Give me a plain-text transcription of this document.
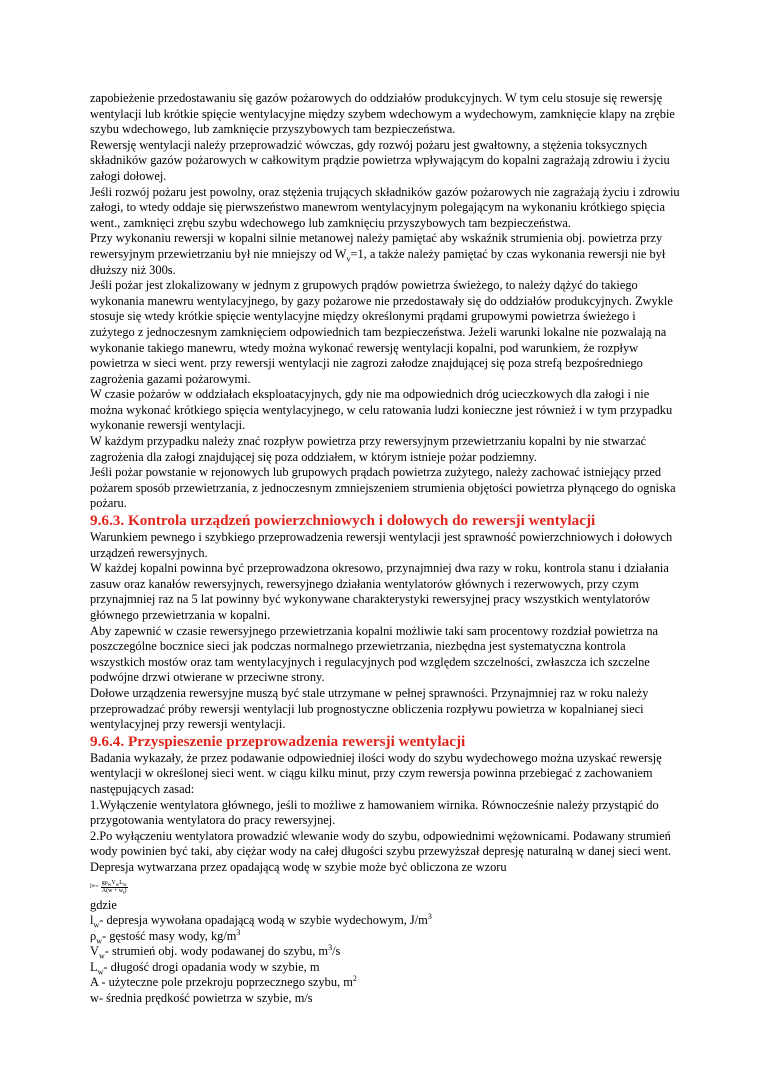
zapobieżenie przedostawaniu się gazów pożarowych do oddziałów produkcyjnych. W tym celu stosuje się rewersję wentylacji lub krótkie spięcie wentylacyjne między szybem wdechowym a wydechowym, zamknięcie klapy na zrębie szybu wdechowego, lub zamknięcie przyszybowych tam bezpieczeństwa.

Rewersję wentylacji należy przeprowadzić wówczas, gdy rozwój pożaru jest gwałtowny, a stężenia toksycznych składników gazów pożarowych w całkowitym prądzie powietrza wpływającym do kopalni zagrażają zdrowiu i życiu załogi dołowej.

Jeśli rozwój pożaru jest powolny, oraz stężenia trujących składników gazów pożarowych nie zagrażają życiu i zdrowiu załogi, to wtedy oddaje się pierwszeństwo manewrom wentylacyjnym polegającym na wykonaniu krótkiego spięcia went., zamknięci zrębu szybu wdechowego lub zamknięciu przyszybowych tam bezpieczeństwa.

Przy wykonaniu rewersji w kopalni silnie metanowej należy pamiętać aby wskaźnik strumienia obj. powietrza przy rewersyjnym przewietrzaniu był nie mniejszy od $W_v=1$, a także należy pamiętać by czas wykonania rewersji nie był dłuższy niż 300s.

Jeśli pożar jest zlokalizowany w jednym z grupowych prądów powietrza świeżego, to należy dążyć do takiego wykonania manewru wentylacyjnego, by gazy pożarowe nie przedostawały się do oddziałów produkcyjnych. Zwykle stosuje się wtedy krótkie spięcie wentylacyjne między określonymi prądami grupowymi powietrza świeżego i zużytego z jednoczesnym zamknięciem odpowiednich tam bezpieczeństwa. Jeżeli warunki lokalne nie pozwalają na wykonanie takiego manewru, wtedy można wykonać rewersję wentylacji kopalni, pod warunkiem, że rozpływ powietrza w sieci went. przy rewersji wentylacji nie zagrozi załodze znajdującej się poza strefą bezpośredniego zagrożenia gazami pożarowymi.

W czasie pożarów w oddziałach eksploatacyjnych, gdy nie ma odpowiednich dróg ucieczkowych dla załogi i nie można wykonać krótkiego spięcia wentylacyjnego, w celu ratowania ludzi konieczne jest również i w tym przypadku wykonanie rewersji wentylacji.

W każdym przypadku należy znać rozpływ powietrza przy rewersyjnym przewietrzaniu kopalni by nie stwarzać zagrożenia dla załogi znajdującej się poza oddziałem, w którym istnieje pożar podziemny.

Jeśli pożar powstanie w rejonowych lub grupowych prądach powietrza zużytego, należy zachować istniejący przed pożarem sposób przewietrzania, z jednoczesnym zmniejszeniem strumienia objętości powietrza płynącego do ogniska pożaru.

9.6.3. Kontrola urządzeń powierzchniowych i dołowych do rewersji wentylacji

Warunkiem pewnego i szybkiego przeprowadzenia rewersji wentylacji jest sprawność powierzchniowych i dołowych urządzeń rewersyjnych.

W każdej kopalni powinna być przeprowadzona okresowo, przynajmniej dwa razy w roku, kontrola stanu i działania zasuw oraz kanałów rewersyjnych, rewersyjnego działania wentylatorów głównych i rezerwowych, przy czym przynajmniej raz na 5 lat powinny być wykonywane charakterystyki rewersyjnej pracy wszystkich wentylatorów głównego przewietrzania w kopalni.

Aby zapewnić w czasie rewersyjnego przewietrzania kopalni możliwie taki sam procentowy rozdział powietrza na poszczególne bocznice sieci jak podczas normalnego przewietrzania, niezbędna jest systematyczna kontrola wszystkich mostów oraz tam wentylacyjnych i regulacyjnych pod względem szczelności, zwłaszcza ich szczelne podwójne drzwi otwierane w przeciwne strony.

Dołowe urządzenia rewersyjne muszą być stale utrzymane w pełnej sprawności. Przynajmniej raz w roku należy przeprowadzać próby rewersji wentylacji lub prognostyczne obliczenia rozpływu powietrza w kopalnianej sieci wentylacyjnej przy rewersji wentylacji.

9.6.4. Przyspieszenie przeprowadzenia rewersji wentylacji

Badania wykazały, że przez podawanie odpowiedniej ilości wody do szybu wydechowego można uzyskać rewersję wentylacji w określonej sieci went. w ciągu kilku minut, przy czym rewersja powinna przebiegać z zachowaniem następujących zasad:

1.Wyłączenie wentylatora głównego, jeśli to możliwe z hamowaniem wirnika. Równocześnie należy przystąpić do przygotowania wentylatora do pracy rewersyjnej.

2.Po wyłączeniu wentylatora prowadzić wlewanie wody do szybu, odpowiednimi wężownicami. Podawany strumień wody powinien być taki, aby ciężar wody na całej długości szybu przewyższał depresję naturalną w danej sieci went. Depresja wytwarzana przez opadającą wodę w szybie może być obliczona ze wzoru

l $w = \frac{g\rho_wV_wL_w}{A(w + w_t)}$

gdzie

$l_w-$ depresja wywołana opadającą wodą w szybie wydechowym, $J/m^3$

$\rho_w-$ gęstość masy wody, $kg/m^3$

$V_w-$ strumień obj. wody podawanej do szybu, $m^3/s$

$L_w-$ długość drogi opadania wody w szybie, m

A - użyteczne pole przekroju poprzecznego szybu, $m^2$

w- średnia prędkość powietrza w szybie, m/s
